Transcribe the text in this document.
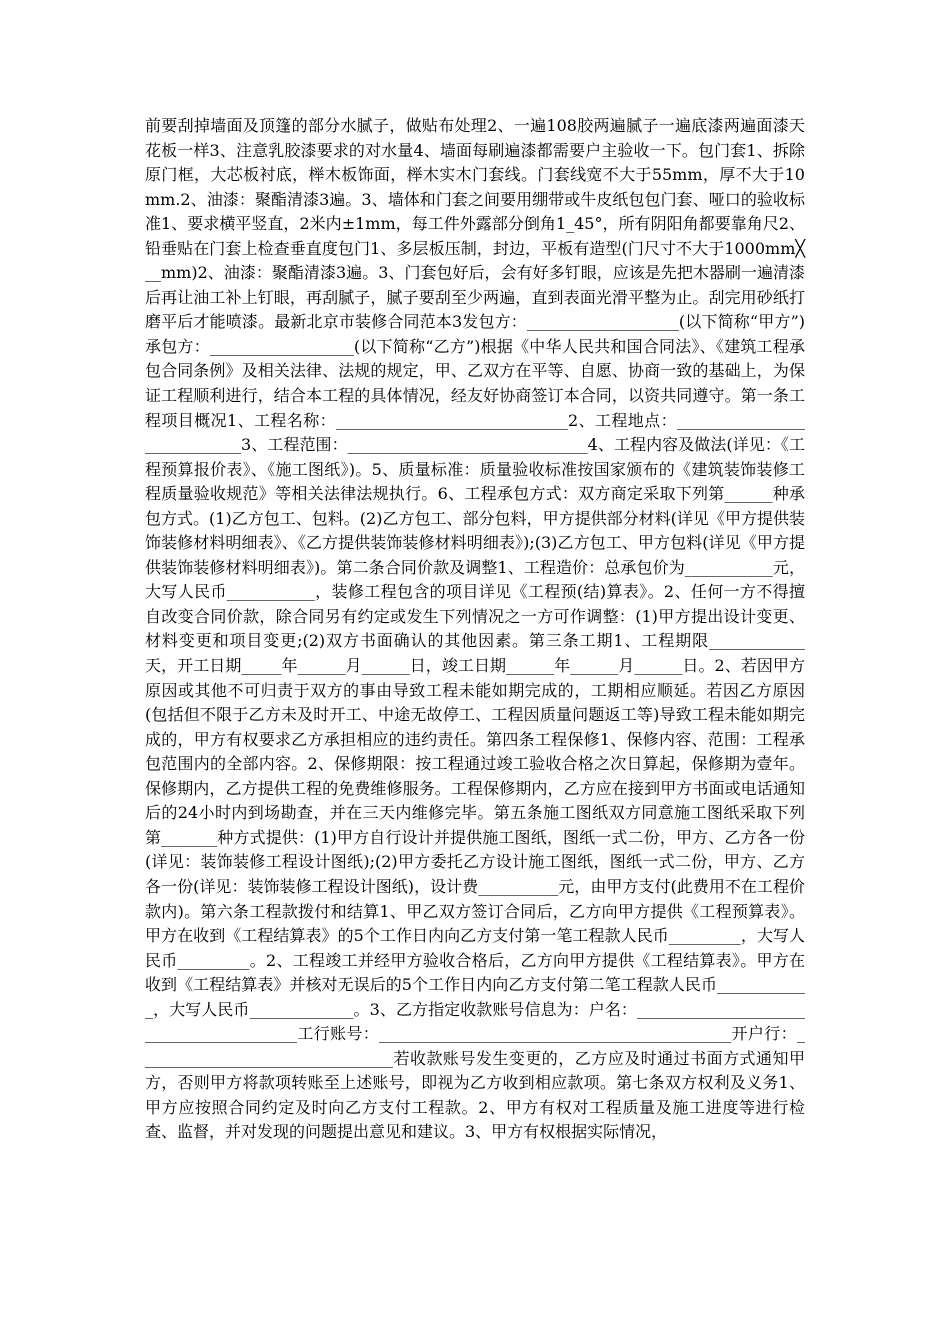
前要刮掉墙面及顶篷的部分水腻子，做贴布处理2、一遍108胶两遍腻子一遍底漆两遍面漆天花板一样3、注意乳胶漆要求的对水量4、墙面每刷遍漆都需要户主验收一下。包门套1、拆除原门框，大芯板衬底，榉木板饰面，榉木实木门套线。门套线宽不大于55mm，厚不大于10mm.2、油漆：聚酯清漆3遍。3、墙体和门套之间要用绷带或牛皮纸包包门套、哑口的验收标准1、要求横平竖直，2米内±1mm，每工件外露部分倒角1_45°，所有阴阳角都要靠角尺2、铅垂贴在门套上检查垂直度包门1、多层板压制，封边，平板有造型(门尺寸不大于1000mm╳__mm)2、油漆：聚酯清漆3遍。3、门套包好后，会有好多钉眼，应该是先把木器刷一遍清漆后再让油工补上钉眼，再刮腻子，腻子要刮至少两遍，直到表面光滑平整为止。刮完用砂纸打磨平后才能喷漆。最新北京市装修合同范本3发包方：___________________(以下简称“甲方”)承包方：__________________(以下简称“乙方”)根据《中华人民共和国合同法》、《建筑工程承包合同条例》及相关法律、法规的规定，甲、乙双方在平等、自愿、协商一致的基础上，为保证工程顺利进行，结合本工程的具体情况，经友好协商签订本合同，以资共同遵守。第一条工程项目概况1、工程名称：_____________________________2、工程地点：____________________________3、工程范围：______________________________4、工程内容及做法(详见：《工程预算报价表》、《施工图纸》)。5、质量标准：质量验收标准按国家颁布的《建筑装饰装修工程质量验收规范》等相关法律法规执行。6、工程承包方式：双方商定采取下列第______种承包方式。(1)乙方包工、包料。(2)乙方包工、部分包料，甲方提供部分材料(详见《甲方提供装饰装修材料明细表》、《乙方提供装饰装修材料明细表》);(3)乙方包工、甲方包料(详见《甲方提供装饰装修材料明细表》)。第二条合同价款及调整1、工程造价：总承包价为___________元，大写人民币___________，装修工程包含的项目详见《工程预(结)算表》。2、任何一方不得擅自改变合同价款，除合同另有约定或发生下列情况之一方可作调整：(1)甲方提出设计变更、材料变更和项目变更;(2)双方书面确认的其他因素。第三条工期1、工程期限____________天，开工日期_____年______月______日，竣工日期______年______月______日。2、若因甲方原因或其他不可归责于双方的事由导致工程未能如期完成的，工期相应顺延。若因乙方原因(包括但不限于乙方未及时开工、中途无故停工、工程因质量问题返工等)导致工程未能如期完成的，甲方有权要求乙方承担相应的违约责任。第四条工程保修1、保修内容、范围：工程承包范围内的全部内容。2、保修期限：按工程通过竣工验收合格之次日算起，保修期为壹年。保修期内，乙方提供工程的免费维修服务。工程保修期内，乙方应在接到甲方书面或电话通知后的24小时内到场勘查，并在三天内维修完毕。第五条施工图纸双方同意施工图纸采取下列第_______种方式提供：(1)甲方自行设计并提供施工图纸，图纸一式二份，甲方、乙方各一份(详见：装饰装修工程设计图纸);(2)甲方委托乙方设计施工图纸，图纸一式二份，甲方、乙方各一份(详见：装饰装修工程设计图纸)，设计费__________元，由甲方支付(此费用不在工程价款内)。第六条工程款拨付和结算1、甲乙双方签订合同后，乙方向甲方提供《工程预算表》。甲方在收到《工程结算表》的5个工作日内向乙方支付第一笔工程款人民币_________，大写人民币_________。2、工程竣工并经甲方验收合格后，乙方向甲方提供《工程结算表》。甲方在收到《工程结算表》并核对无误后的5个工作日内向乙方支付第二笔工程款人民币____________，大写人民币_____________。3、乙方指定收款账号信息为：户名：________________________________________工行账号：____________________________________________开户行：________________________________若收款账号发生变更的，乙方应及时通过书面方式通知甲方，否则甲方将款项转账至上述账号，即视为乙方收到相应款项。第七条双方权利及义务1、甲方应按照合同约定及时向乙方支付工程款。2、甲方有权对工程质量及施工进度等进行检查、监督，并对发现的问题提出意见和建议。3、甲方有权根据实际情况，
